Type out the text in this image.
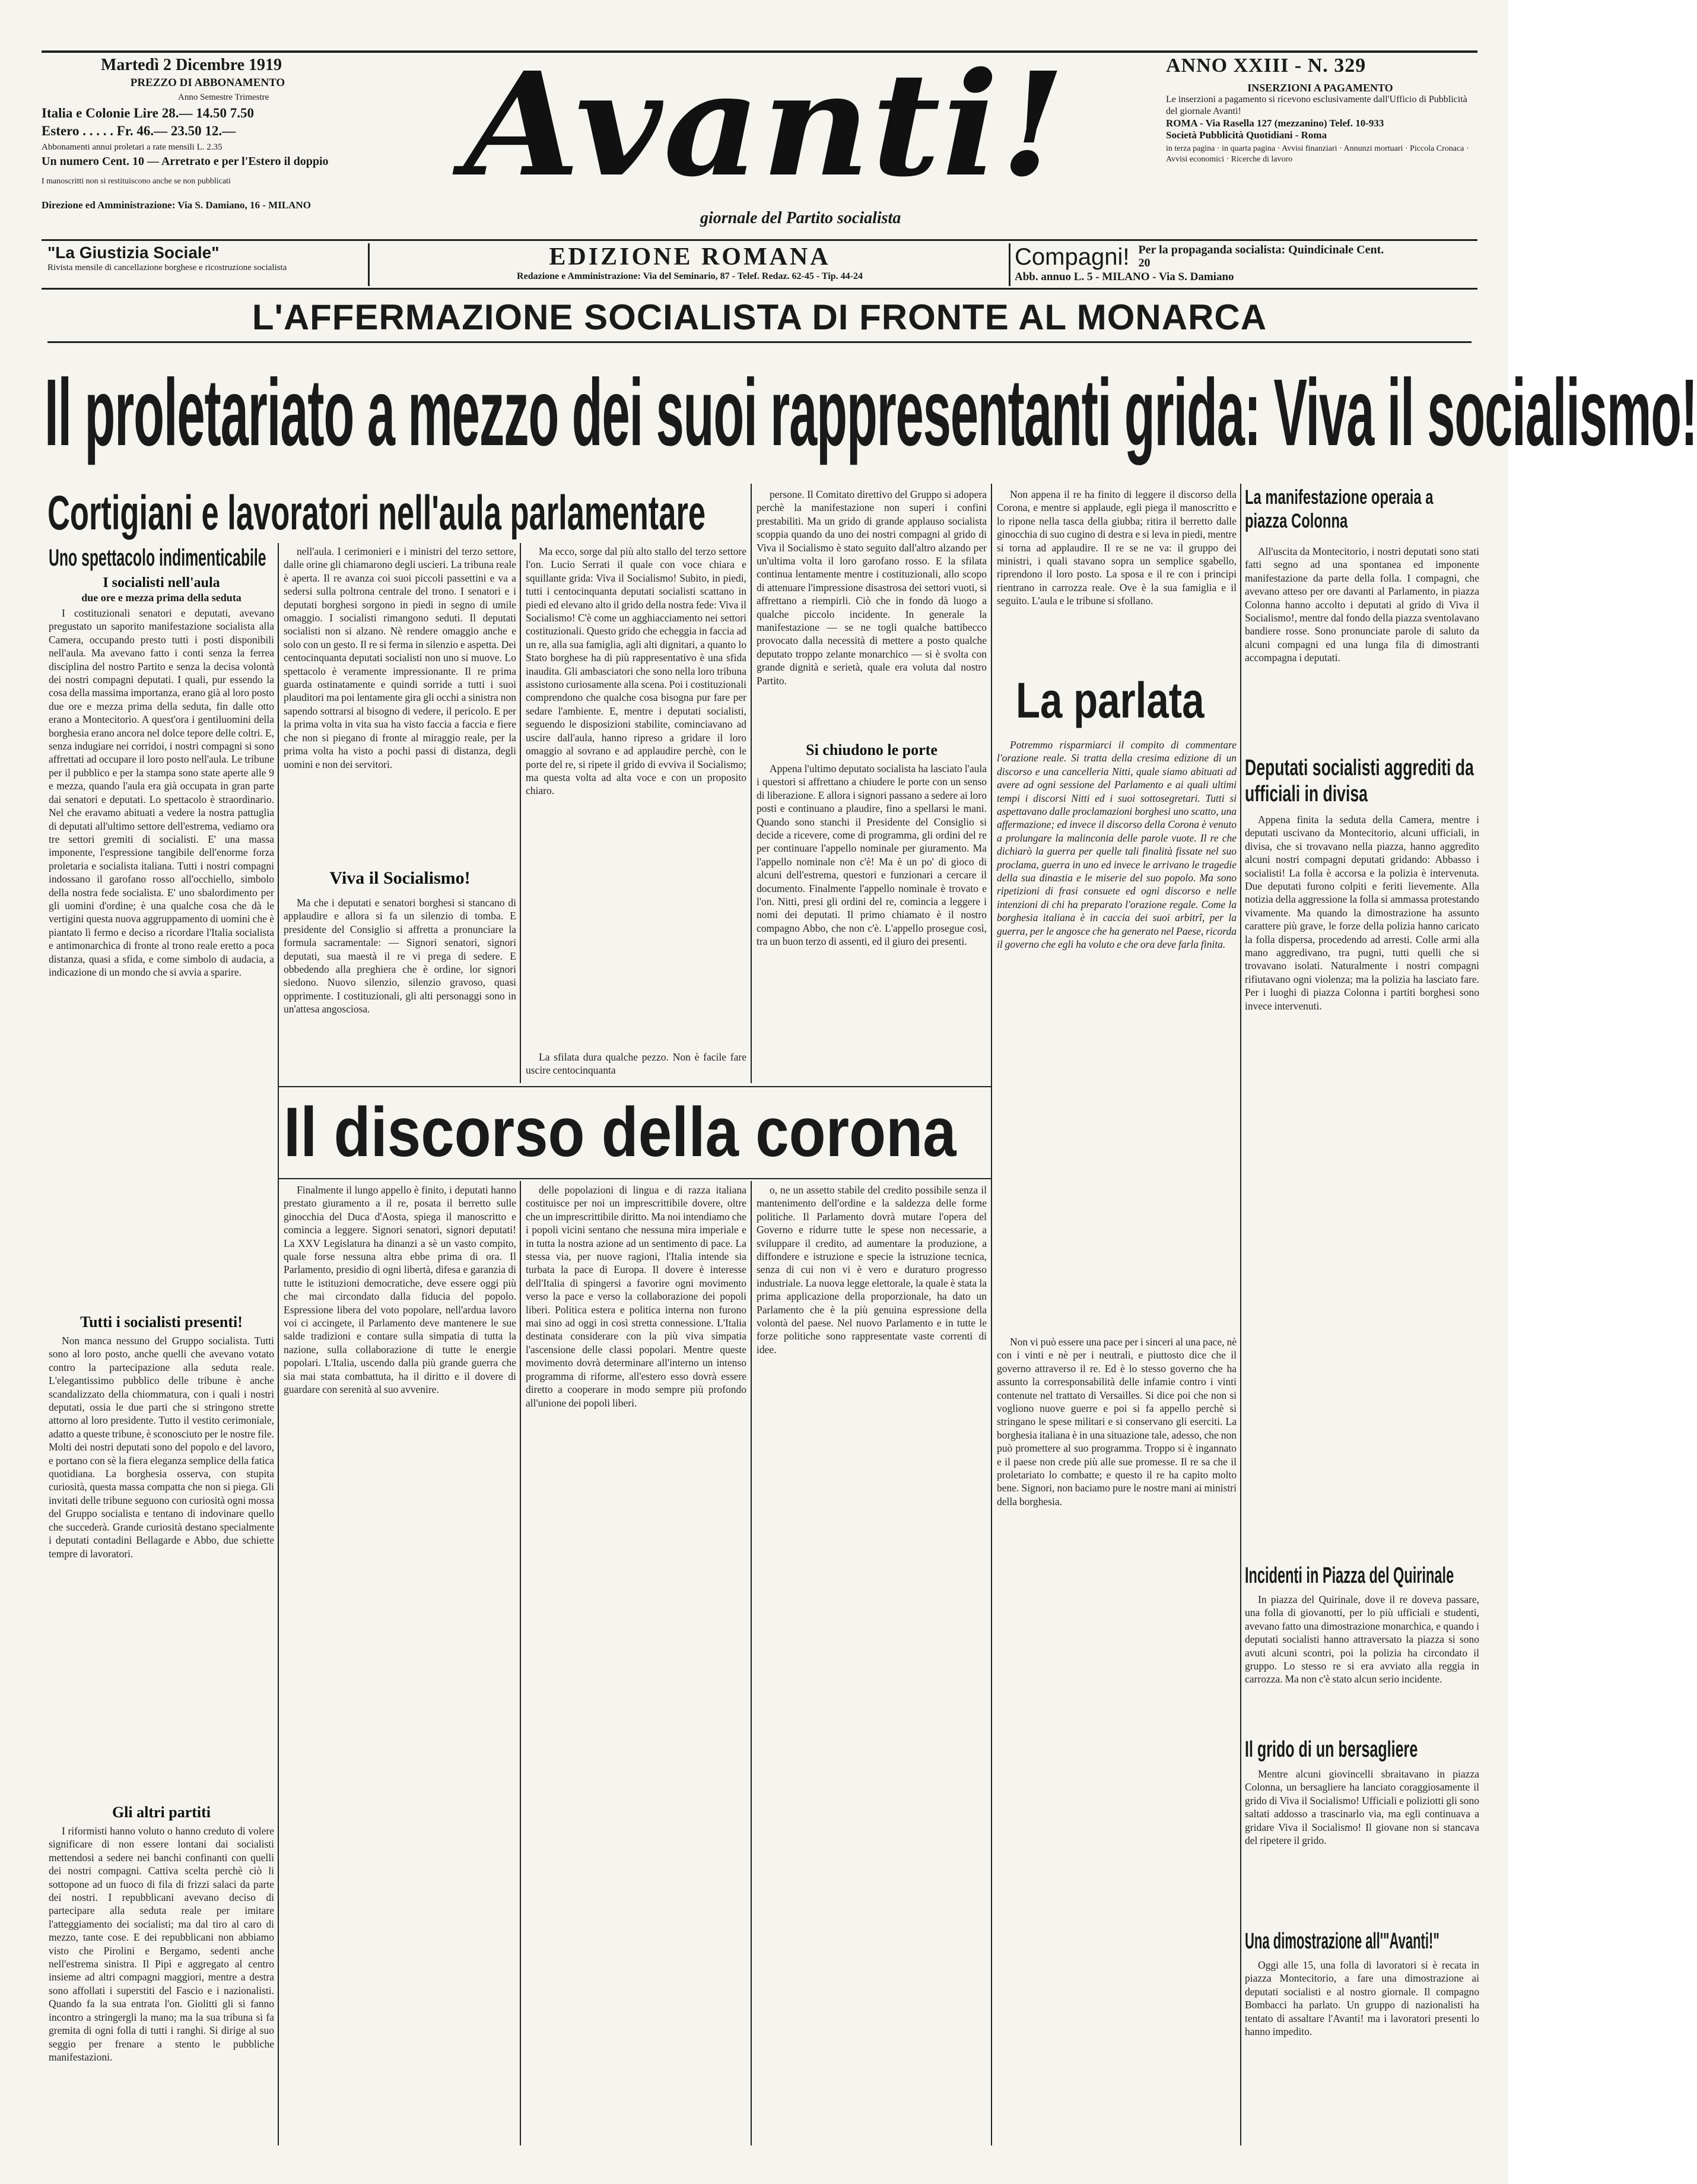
Martedì 2 Dicembre 1919
PREZZO DI ABBONAMENTO
Anno Semestre Trimestre
Italia e Colonie Lire 28.— 14.50 7.50
Estero . . . . . Fr. 46.— 23.50 12.—
Abbonamenti annui proletari a rate mensili L. 2.35
Un numero Cent. 10 — Arretrato e per l'Estero il doppio
I manoscritti non si restituiscono anche se non pubblicati
Direzione ed Amministrazione: Via S. Damiano, 16 - MILANO	Avanti!
giornale del Partito socialista
ANNO XXIII - N. 329
INSERZIONI A PAGAMENTO
Le inserzioni a pagamento si ricevono esclusivamente dall'Ufficio di Pubblicità del giornale Avanti!
ROMA - Via Rasella 127 (mezzanino) Telef. 10-933
Società Pubblicità Quotidiani - Roma
in terza pagina · in quarta pagina · Avvisi finanziari · Annunzi mortuari · Piccola Cronaca · Avvisi economici · Ricerche di lavoro
"La Giustizia Sociale"
Rivista mensile di cancellazione borghese e ricostruzione socialista	EDIZIONE ROMANA
Redazione e Amministrazione: Via del Seminario, 87 - Telef. Redaz. 62-45 - Tip. 44-24
Compagni! Per la propaganda socialista: Quindicinale Cent. 20
Abb. annuo L. 5 - MILANO - Via S. Damiano
L'AFFERMAZIONE SOCIALISTA DI FRONTE AL MONARCA
Il proletariato a mezzo dei suoi rappresentanti grida: Viva il socialismo!
Cortigiani e lavoratori nell'aula parlamentare
Uno spettacolo indimenticabile
I socialisti nell'aula
due ore e mezza prima della seduta

I costituzionali senatori e deputati, avevano pregustato un saporito manifestazione socialista alla Camera, occupando presto tutti i posti disponibili nell'aula. Ma avevano fatto i conti senza la ferrea disciplina del nostro Partito e senza la decisa volontà dei nostri compagni deputati. I quali, pur essendo la cosa della massima importanza, erano già al loro posto due ore e mezza prima della seduta, fin dalle otto erano a Montecitorio. A quest'ora i gentiluomini della borghesia erano ancora nel dolce tepore delle coltri. E, senza indugiare nei corridoi, i nostri compagni si sono affrettati ad occupare il loro posto nell'aula. Le tribune per il pubblico e per la stampa sono state aperte alle 9 e mezza, quando l'aula era già occupata in gran parte dai senatori e deputati. Lo spettacolo è straordinario. Nel che eravamo abituati a vedere la nostra pattuglia di deputati all'ultimo settore dell'estrema, vediamo ora tre settori gremiti di socialisti. E' una massa imponente, l'espressione tangibile dell'enorme forza proletaria e socialista italiana. Tutti i nostri compagni indossano il garofano rosso all'occhiello, simbolo della nostra fede socialista. E' uno sbalordimento per gli uomini d'ordine; è una qualche cosa che dà le vertigini questa nuova aggruppamento di uomini che è piantato lì fermo e deciso a ricordare l'Italia socialista e antimonarchica di fronte al trono reale eretto a poca distanza, quasi a sfida, e come simbolo di audacia, a indicazione di un mondo che si avvia a sparire.

Tutti i socialisti presenti!

Non manca nessuno del Gruppo socialista. Tutti sono al loro posto, anche quelli che avevano votato contro la partecipazione alla seduta reale. L'elegantissimo pubblico delle tribune è anche scandalizzato della chiommatura, con i quali i nostri deputati, ossia le due parti che si stringono strette attorno al loro presidente. Tutto il vestito cerimoniale, adatto a queste tribune, è sconosciuto per le nostre file. Molti dei nostri deputati sono del popolo e del lavoro, e portano con sè la fiera eleganza semplice della fatica quotidiana. La borghesia osserva, con stupita curiosità, questa massa compatta che non si piega. Gli invitati delle tribune seguono con curiosità ogni mossa del Gruppo socialista e tentano di indovinare quello che succederà. Grande curiosità destano specialmente i deputati contadini Bellagarde e Abbo, due schiette tempre di lavoratori.

Gli altri partiti

I riformisti hanno voluto o hanno creduto di volere significare di non essere lontani dai socialisti mettendosi a sedere nei banchi confinanti con quelli dei nostri compagni. Cattiva scelta perchè ciò li sottopone ad un fuoco di fila di frizzi salaci da parte dei nostri. I repubblicani avevano deciso di partecipare alla seduta reale per imitare l'atteggiamento dei socialisti; ma dal tiro al caro di mezzo, tante cose. E dei repubblicani non abbiamo visto che Pirolini e Bergamo, sedenti anche nell'estrema sinistra. Il Pipì e aggregato al centro insieme ad altri compagni maggiori, mentre a destra sono affollati i superstiti del Fascio e i nazionalisti. Quando fa la sua entrata l'on. Giolitti gli si fanno incontro a stringergli la mano; ma la sua tribuna si fa gremita di ogni folla di tutti i ranghi. Si dirige al suo seggio per frenare a stento le pubbliche manifestazioni.

nell'aula. I cerimonieri e i ministri del terzo settore, dalle orine gli chiamarono degli uscieri. La tribuna reale è aperta. Il re avanza coi suoi piccoli passettini e va a sedersi sulla poltrona centrale del trono. I senatori e i deputati borghesi sorgono in piedi in segno di umile omaggio. I socialisti rimangono seduti. Il deputati socialisti non si alzano. Nè rendere omaggio anche e solo con un gesto. Il re si ferma in silenzio e aspetta. Dei centocinquanta deputati socialisti non uno si muove. Lo spettacolo è veramente impressionante. Il re prima guarda ostinatamente e quindi sorride a tutti i suoi plauditori ma poi lentamente gira gli occhi a sinistra non sapendo sottrarsi al bisogno di vedere, il pericolo. E per la prima volta in vita sua ha visto faccia a faccia e fiere che non si piegano di fronte al miraggio reale, per la prima volta ha visto a pochi passi di distanza, degli uomini e non dei servitori.

Viva il Socialismo!

Ma che i deputati e senatori borghesi si stancano di applaudire e allora si fa un silenzio di tomba. E presidente del Consiglio si affretta a pronunciare la formula sacramentale: — Signori senatori, signori deputati, sua maestà il re vi prega di sedere. E obbedendo alla preghiera che è ordine, lor signori siedono. Nuovo silenzio, silenzio gravoso, quasi opprimente. I costituzionali, gli alti personaggi sono in un'attesa angosciosa.

Ma ecco, sorge dal più alto stallo del terzo settore l'on. Lucio Serrati il quale con voce chiara e squillante grida: Viva il Socialismo! Subito, in piedi, tutti i centocinquanta deputati socialisti scattano in piedi ed elevano alto il grido della nostra fede: Viva il Socialismo! C'è come un agghiacciamento nei settori costituzionali. Questo grido che echeggia in faccia ad un re, alla sua famiglia, agli alti dignitari, a quanto lo Stato borghese ha di più rappresentativo è una sfida inaudita. Gli ambasciatori che sono nella loro tribuna assistono curiosamente alla scena. Poi i costituzionali comprendono che qualche cosa bisogna pur fare per sedare l'ambiente. E, mentre i deputati socialisti, seguendo le disposizioni stabilite, cominciavano ad uscire dall'aula, hanno ripreso a gridare il loro omaggio al sovrano e ad applaudire perchè, con le porte del re, si ripete il grido di evviva il Socialismo; ma questa volta ad alta voce e con un proposito chiaro.

La sfilata dura qualche pezzo. Non è facile fare uscire centocinquanta

persone. Il Comitato direttivo del Gruppo si adopera perchè la manifestazione non superi i confini prestabiliti. Ma un grido di grande applauso socialista scoppia quando da uno dei nostri compagni al grido di Viva il Socialismo è stato seguito dall'altro alzando per un'ultima volta il loro garofano rosso. E la sfilata continua lentamente mentre i costituzionali, allo scopo di attenuare l'impressione disastrosa dei settori vuoti, si affrettano a riempirli. Ciò che in fondo dà luogo a qualche piccolo incidente. In generale la manifestazione — se ne togli qualche battibecco provocato dalla necessità di mettere a posto qualche deputato troppo zelante monarchico — si è svolta con grande dignità e serietà, quale era voluta dal nostro Partito.

Si chiudono le porte

Appena l'ultimo deputato socialista ha lasciato l'aula i questori si affrettano a chiudere le porte con un senso di liberazione. E allora i signori passano a sedere ai loro posti e continuano a plaudire, fino a spellarsi le mani. Quando sono stanchi il Presidente del Consiglio si decide a ricevere, come di programma, gli ordini del re per continuare l'appello nominale per giuramento. Ma l'appello nominale non c'è! Ma è un po' di gioco di alcuni dell'estrema, questori e funzionari a cercare il documento. Finalmente l'appello nominale è trovato e l'on. Nitti, presi gli ordini del re, comincia a leggere i nomi dei deputati. Il primo chiamato è il nostro compagno Abbo, che non c'è. L'appello prosegue così, tra un buon terzo di assenti, ed il giuro dei presenti.

Il discorso della corona

Finalmente il lungo appello è finito, i deputati hanno prestato giuramento a il re, posata il berretto sulle ginocchia del Duca d'Aosta, spiega il manoscritto e comincia a leggere. Signori senatori, signori deputati! La XXV Legislatura ha dinanzi a sè un vasto compito, quale forse nessuna altra ebbe prima di ora. Il Parlamento, presidio di ogni libertà, difesa e garanzia di tutte le istituzioni democratiche, deve essere oggi più che mai circondato dalla fiducia del popolo. Espressione libera del voto popolare, nell'ardua lavoro voi ci accingete, il Parlamento deve mantenere le sue salde tradizioni e contare sulla simpatia di tutta la nazione, sulla collaborazione di tutte le energie popolari. L'Italia, uscendo dalla più grande guerra che sia mai stata combattuta, ha il diritto e il dovere di guardare con serenità al suo avvenire.

delle popolazioni di lingua e di razza italiana costituisce per noi un imprescrittibile dovere, oltre che un imprescrittibile diritto. Ma noi intendiamo che i popoli vicini sentano che nessuna mira imperiale e in tutta la nostra azione ad un sentimento di pace. La stessa via, per nuove ragioni, l'Italia intende sia turbata la pace di Europa. Il dovere è interesse dell'Italia di spingersi a favorire ogni movimento verso la pace e verso la collaborazione dei popoli liberi. Politica estera e politica interna non furono mai sino ad oggi in così stretta connessione. L'Italia destinata considerare con la più viva simpatia l'ascensione delle classi popolari. Mentre queste movimento dovrà determinare all'interno un intenso programma di riforme, all'estero esso dovrà essere diretto a cooperare in modo sempre più profondo all'unione dei popoli liberi.

o, ne un assetto stabile del credito possibile senza il mantenimento dell'ordine e la saldezza delle forme politiche. Il Parlamento dovrà mutare l'opera del Governo e ridurre tutte le spese non necessarie, a sviluppare il credito, ad aumentare la produzione, a diffondere e istruzione e specie la istruzione tecnica, senza di cui non vi è vero e duraturo progresso industriale. La nuova legge elettorale, la quale è stata la prima applicazione della proporzionale, ha dato un Parlamento che è la più genuina espressione della volontà del paese. Nel nuovo Parlamento e in tutte le forze politiche sono rappresentate vaste correnti di idee.

Non appena il re ha finito di leggere il discorso della Corona, e mentre si applaude, egli piega il manoscritto e lo ripone nella tasca della giubba; ritira il berretto dalle ginocchia di suo cugino di destra e si leva in piedi, mentre si torna ad applaudire. Il re se ne va: il gruppo dei ministri, i quali stavano sopra un semplice sgabello, riprendono il loro posto. La sposa e il re con i principi rientrano in carrozza reale. Ove è la sua famiglia e il seguito. L'aula e le tribune si sfollano.

La parlata

Potremmo risparmiarci il compito di commentare l'orazione reale. Si tratta della cresima edizione di un discorso e una cancelleria Nitti, quale siamo abituati ad avere ad ogni sessione del Parlamento e ai quali ultimi tempi i discorsi Nitti ed i suoi sottosegretari. Tutti si aspettavano dalle proclamazioni borghesi uno scatto, una affermazione; ed invece il discorso della Corona è venuto a prolungare la malinconia delle parole vuote. Il re che dichiarò la guerra per quelle tali finalità fissate nel suo proclama, guerra in uno ed invece le arrivano le tragedie della sua dinastia e le miserie del suo popolo. Ma sono ripetizioni di frasi consuete ed ogni discorso e nelle intenzioni di chi ha preparato l'orazione regale. Come la borghesia italiana è in caccia dei suoi arbitrî, per la guerra, per le angosce che ha generato nel Paese, ricorda il governo che egli ha voluto e che ora deve farla finita.

Non vi può essere una pace per i sinceri al una pace, nè con i vinti e nè per i neutrali, e piuttosto dice che il governo attraverso il re. Ed è lo stesso governo che ha assunto la corresponsabilità delle infamie contro i vinti contenute nel trattato di Versailles. Si dice poi che non si vogliono nuove guerre e poi si fa appello perchè si stringano le spese militari e si conservano gli eserciti. La borghesia italiana è in una situazione tale, adesso, che non può promettere al suo programma. Troppo si è ingannato e il paese non crede più alle sue promesse. Il re sa che il proletariato lo combatte; e questo il re ha capito molto bene. Signori, non baciamo pure le nostre mani ai ministri della borghesia.

La manifestazione operaia a piazza Colonna

All'uscita da Montecitorio, i nostri deputati sono stati fatti segno ad una spontanea ed imponente manifestazione da parte della folla. I compagni, che avevano atteso per ore davanti al Parlamento, in piazza Colonna hanno accolto i deputati al grido di Viva il Socialismo!, mentre dal fondo della piazza sventolavano bandiere rosse. Sono pronunciate parole di saluto da alcuni compagni ed una lunga fila di dimostranti accompagna i deputati.

Deputati socialisti aggrediti da ufficiali in divisa

Appena finita la seduta della Camera, mentre i deputati uscivano da Montecitorio, alcuni ufficiali, in divisa, che si trovavano nella piazza, hanno aggredito alcuni nostri compagni deputati gridando: Abbasso i socialisti! La folla è accorsa e la polizia è intervenuta. Due deputati furono colpiti e feriti lievemente. Alla notizia della aggressione la folla si ammassa protestando vivamente. Ma quando la dimostrazione ha assunto carattere più grave, le forze della polizia hanno caricato la folla dispersa, procedendo ad arresti. Colle armi alla mano aggredivano, tra pugni, tutti quelli che si trovavano isolati. Naturalmente i nostri compagni rifiutavano ogni violenza; ma la polizia ha lasciato fare. Per i luoghi di piazza Colonna i partiti borghesi sono invece intervenuti.

Incidenti in Piazza del Quirinale

In piazza del Quirinale, dove il re doveva passare, una folla di giovanotti, per lo più ufficiali e studenti, avevano fatto una dimostrazione monarchica, e quando i deputati socialisti hanno attraversato la piazza si sono avuti alcuni scontri, poi la polizia ha circondato il gruppo. Lo stesso re si era avviato alla reggia in carrozza. Ma non c'è stato alcun serio incidente.

Il grido di un bersagliere

Mentre alcuni giovincelli sbraitavano in piazza Colonna, un bersagliere ha lanciato coraggiosamente il grido di Viva il Socialismo! Ufficiali e poliziotti gli sono saltati addosso a trascinarlo via, ma egli continuava a gridare Viva il Socialismo! Il giovane non si stancava del ripetere il grido.

Una dimostrazione all'"Avanti!"

Oggi alle 15, una folla di lavoratori si è recata in piazza Montecitorio, a fare una dimostrazione ai deputati socialisti e al nostro giornale. Il compagno Bombacci ha parlato. Un gruppo di nazionalisti ha tentato di assaltare l'Avanti! ma i lavoratori presenti lo hanno impedito.
